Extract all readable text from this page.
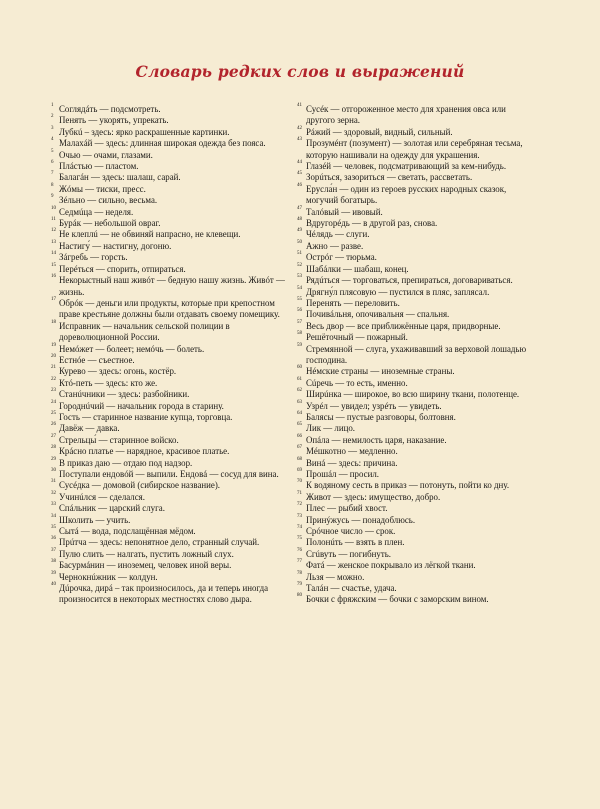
Словарь редких слов и выражений
1 Соглядáть — подсмотреть.
2 Пенять — укорять, упрекать.
3 Лубкú – здесь: ярко раскрашенные картинки.
4 Малахáй — здесь: длинная широкая одежда без пояса.
5 Очью — очами, глазами.
6 Плáстью — пластом.
7 Балагáн — здесь: шалаш, сарай.
8 Жóмы — тиски, пресс.
9 Зéльно — сильно, весьма.
10 Седмúца — неделя.
11 Бурáк — небольшой овраг.
12 Не клеплú — не обвиняй напрасно, не клевещи.
13 Настигу́ — настигну, догоню.
14 Зáгребь — горсть.
15 Перéться — спорить, отпираться.
16 Некорыстный наш живóт — бедную нашу жизнь. Живóт — жизнь.
17 Обрóк — деньги или продукты, которые при крепостном праве крестьяне должны были отдавать своему помещику.
18 Исправник — начальник сельской полиции в дореволюционной России.
19 Немóжет — болеет; немóчь — болеть.
20 Естнóе — съестное.
21 Курево — здесь: огонь, костёр.
22 Ктó-петь — здесь: кто же.
23 Станúчники — здесь: разбойники.
24 Городнúчий — начальник города в старину.
25 Гость — старинное название купца, торговца.
26 Давёж — давка.
27 Стрельцы́ — старинное войско.
28 Крáсно платье — нарядное, красивое платье.
29 В приказ даю — отдаю под надзор.
30 Поступали ендовóй — выпили. Ендовá — сосуд для вина.
31 Сусéдка — домовой (сибирское название).
32 Учинúлся — сделался.
33 Спáльник — царский слуга.
34 Школить — учить.
35 Сытá — вода, подслащённая мёдом.
36 Прúтча — здесь: непонятное дело, странный случай.
37 Пулю слить — налгать, пустить ложный слух.
38 Басурмáнин — иноземец, человек иной веры.
39 Чернокнúжник — колдун.
40 Дúрочка, дирá – так произносилось, да и теперь иногда произносится в некоторых местностях слово дыра.
41 Сусéк — отгороженное место для хранения овса или другого зерна.
42 Рáжий — здоровый, видный, сильный.
43 Прозумéнт (позумент) — золотая или серебряная тесьма, которую нашивали на одежду для украшения.
44 Глазéй — человек, подсматривающий за кем-нибудь.
45 Зорúться, зазориться — светать, рассветать.
46 Ерусла́н — один из героев русских народных сказок, могучий богатырь.
47 Талóвый — ивовый.
48 Вдругорéдь — в другой раз, снова.
49 Чéлядь — слуги.
50 Ажно — разве.
51 Острóг — тюрьма.
52 Шабáлки — шабаш, конец.
53 Рядúться — торговаться, препираться, договариваться.
54 Дрягну́л плясовую — пустился в пляс, заплясал.
55 Перенять — переловить.
56 Почивáльня, опочивальня — спальня.
57 Весь двор — все приближённые царя, придворные.
58 Решёточный — пожарный.
59 Стремянной — слуга, ухаживавший за верховой лошадью господина.
60 Нéмские страны — иноземные страны.
61 Сúречь — то есть, именно.
62 Ширúнка — широкое, во всю ширину ткани, полотенце.
63 Узрéл — увидел; узрéть — увидеть.
64 Балясы — пустые разговоры, болтовня.
65 Лик — лицо.
66 Опáла — немилость царя, наказание.
67 Мéшкотно — медленно.
68 Винá — здесь: причина.
69 Прошáл — просил.
70 К водяному сесть в приказ — потонуть, пойти ко дну.
71 Живот — здесь: имущество, добро.
72 Плес — рыбий хвост.
73 Принýжусь — понадоблюсь.
74 Срóчное число — срок.
75 Полонúть — взять в плен.
76 Сгúвуть — погибнуть.
77 Фатá — женское покрывало из лёгкой ткани.
78 Льзя — можно.
79 Талáн — счастье, удача.
80 Бочки с фряжским — бочки с заморским вином.
